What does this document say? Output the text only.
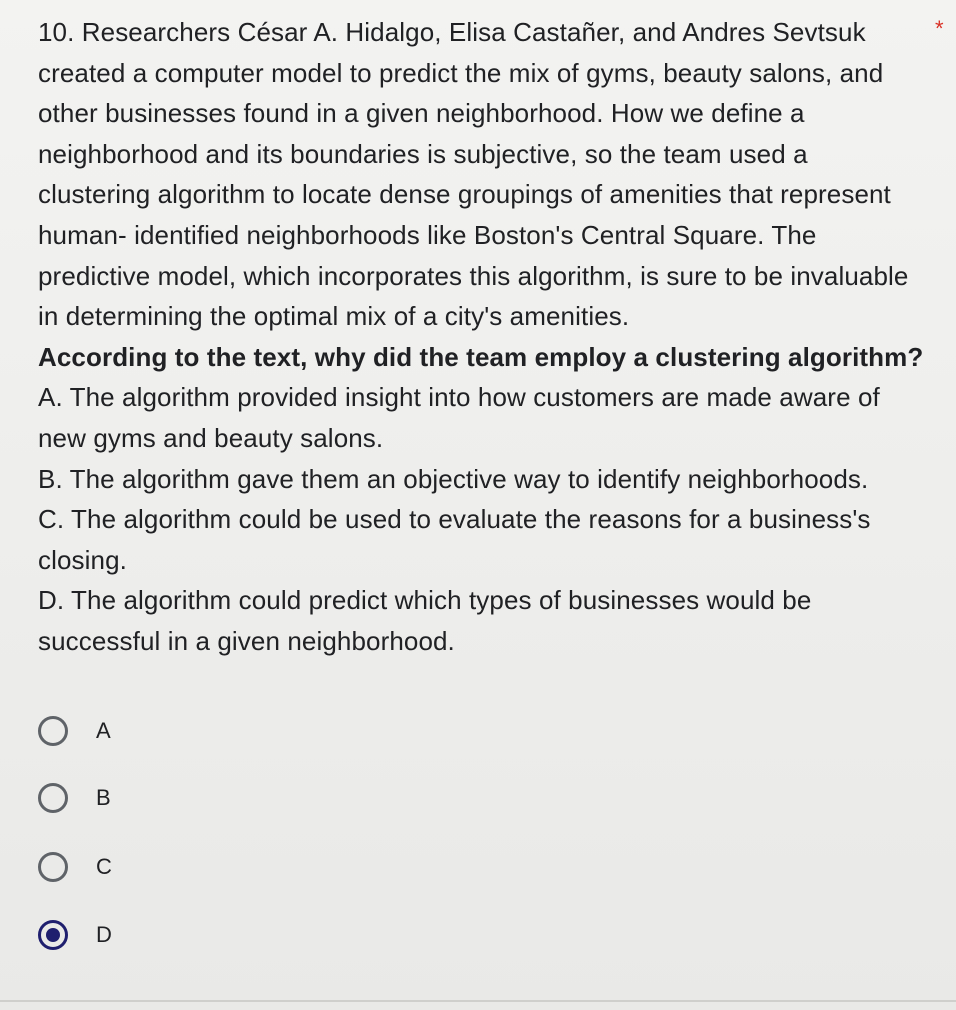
*

10. Researchers César A. Hidalgo, Elisa Castañer, and Andres Sevtsuk

created a computer model to predict the mix of gyms, beauty salons, and

other businesses found in a given neighborhood. How we define a

neighborhood and its boundaries is subjective, so the team used a

clustering algorithm to locate dense groupings of amenities that represent

human- identified neighborhoods like Boston's Central Square. The

predictive model, which incorporates this algorithm, is sure to be invaluable

in determining the optimal mix of a city's amenities.

According to the text, why did the team employ a clustering algorithm?

A. The algorithm provided insight into how customers are made aware of

new gyms and beauty salons.

B. The algorithm gave them an objective way to identify neighborhoods.

C. The algorithm could be used to evaluate the reasons for a business's

closing.

D. The algorithm could predict which types of businesses would be

successful in a given neighborhood.

A
B
C
D
